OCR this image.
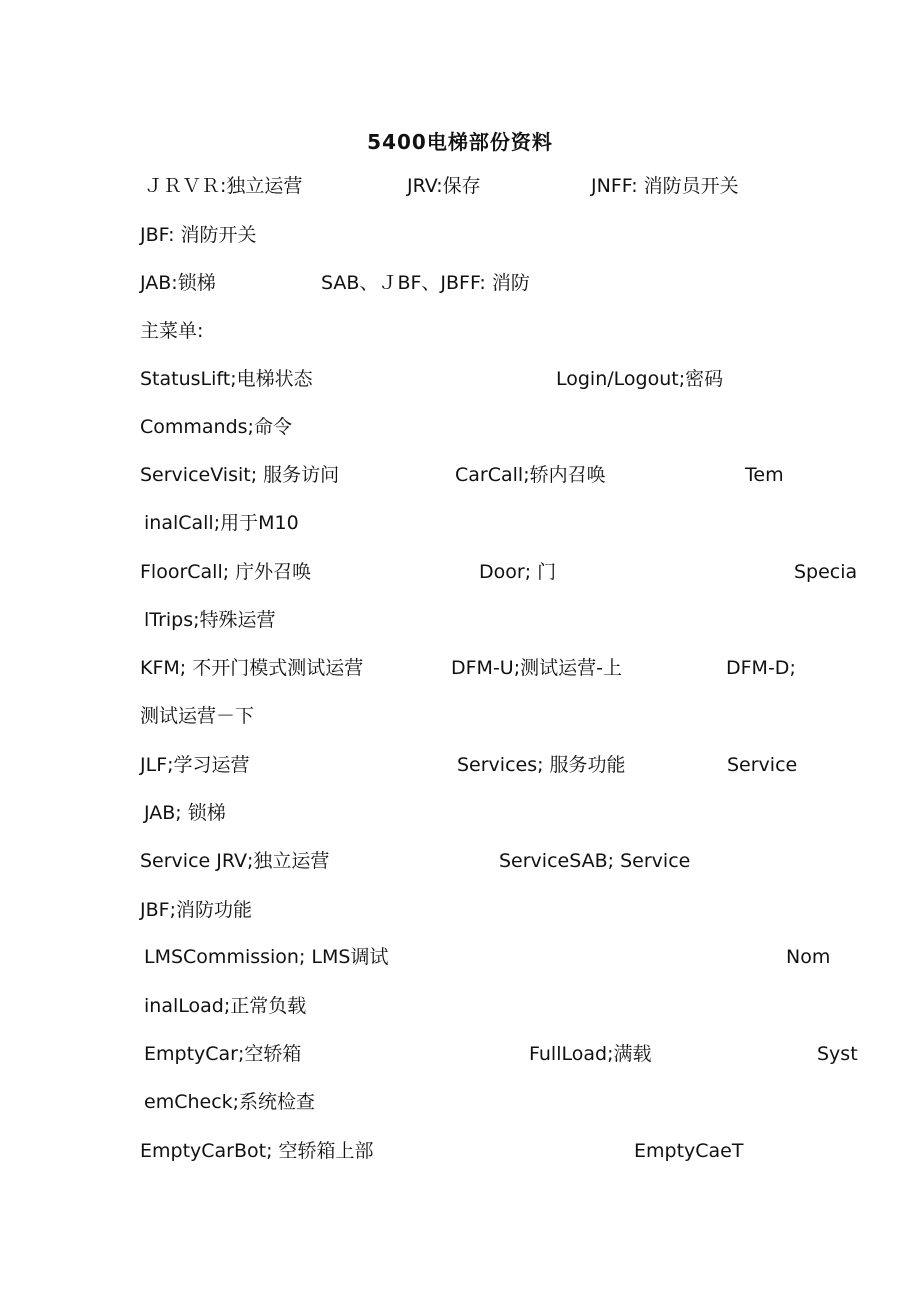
5400电梯部份资料
ＪＲＶＲ:独立运营	JRV:保存	JNFF: 消防员开关
JBF: 消防开关
JAB:锁梯	SAB、ＪBF、JBFF: 消防
主菜单:
StatusLift;电梯状态	Login/Logout;密码
Commands;命令
ServiceVisit; 服务访问	CarCall;轿内召唤	Tem
inalCall;用于M10
FloorCall; 庁外召唤	Door; 门	Specia
lTrips;特殊运营
KFM; 不开门模式测试运营	DFM-U;测试运营-上	DFM-D;
测试运营－下
JLF;学习运营	Services; 服务功能	Service
JAB; 锁梯
Service JRV;独立运营	ServiceSAB; Service
JBF;消防功能
LMSCommission; LMS调试	Nom
inalLoad;正常负载
EmptyCar;空轿箱	FullLoad;满载	Syst
emCheck;系统检查
EmptyCarBot; 空轿箱上部	EmptyCaeT
